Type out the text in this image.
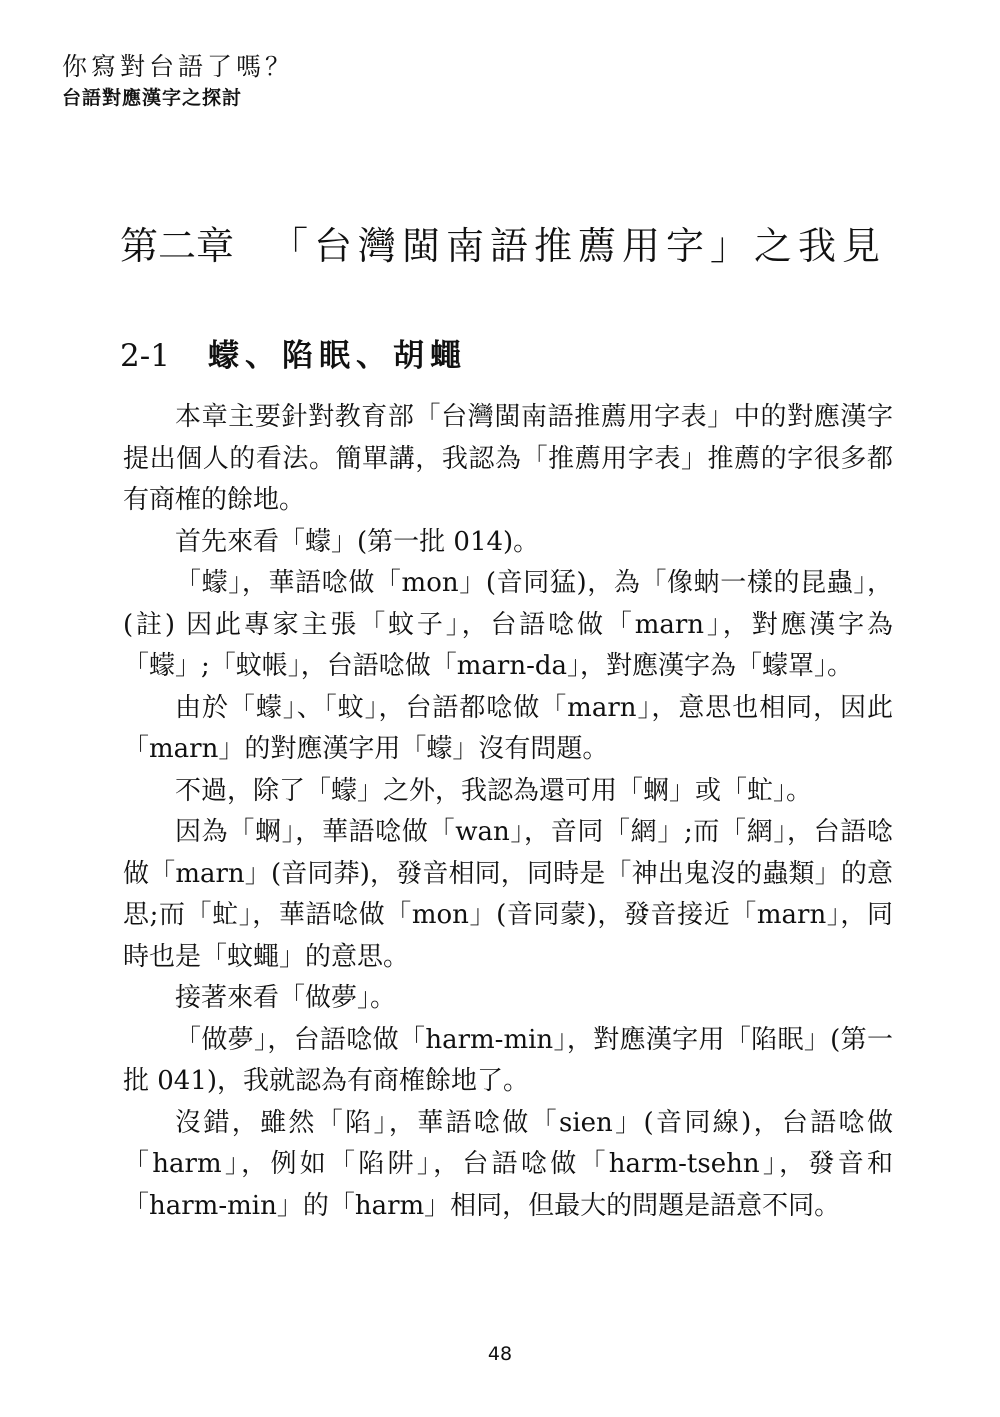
你寫對台語了嗎？
台語對應漢字之探討
第二章 「台灣閩南語推薦用字」之我見
2-1 蠓、陷眠、胡蠅

本章主要針對教育部「台灣閩南語推薦用字表」中的對應漢字提出個人的看法。簡單講，我認為「推薦用字表」推薦的字很多都有商榷的餘地。

首先來看「蠓」(第一批 014)。

「蠓」，華語唸做「mon」(音同猛)，為「像蚋一樣的昆蟲」，(註) 因此專家主張「蚊子」，台語唸做「marn」，對應漢字為「蠓」;「蚊帳」，台語唸做「marn-da」，對應漢字為「蠓罩」。

由於「蠓」、「蚊」，台語都唸做「marn」，意思也相同，因此「marn」的對應漢字用「蠓」沒有問題。

不過，除了「蠓」之外，我認為還可用「蛧」或「虻」。

因為「蛧」，華語唸做「wan」，音同「網」;而「網」，台語唸做「marn」(音同莽)，發音相同，同時是「神出鬼沒的蟲類」的意思;而「虻」，華語唸做「mon」(音同蒙)，發音接近「marn」，同時也是「蚊蠅」的意思。

接著來看「做夢」。

「做夢」，台語唸做「harm-min」，對應漢字用「陷眠」(第一批 041)，我就認為有商榷餘地了。

沒錯，雖然「陷」，華語唸做「sien」(音同線)，台語唸做「harm」，例如「陷阱」，台語唸做「harm-tsehn」，發音和「harm-min」的「harm」相同，但最大的問題是語意不同。

48
